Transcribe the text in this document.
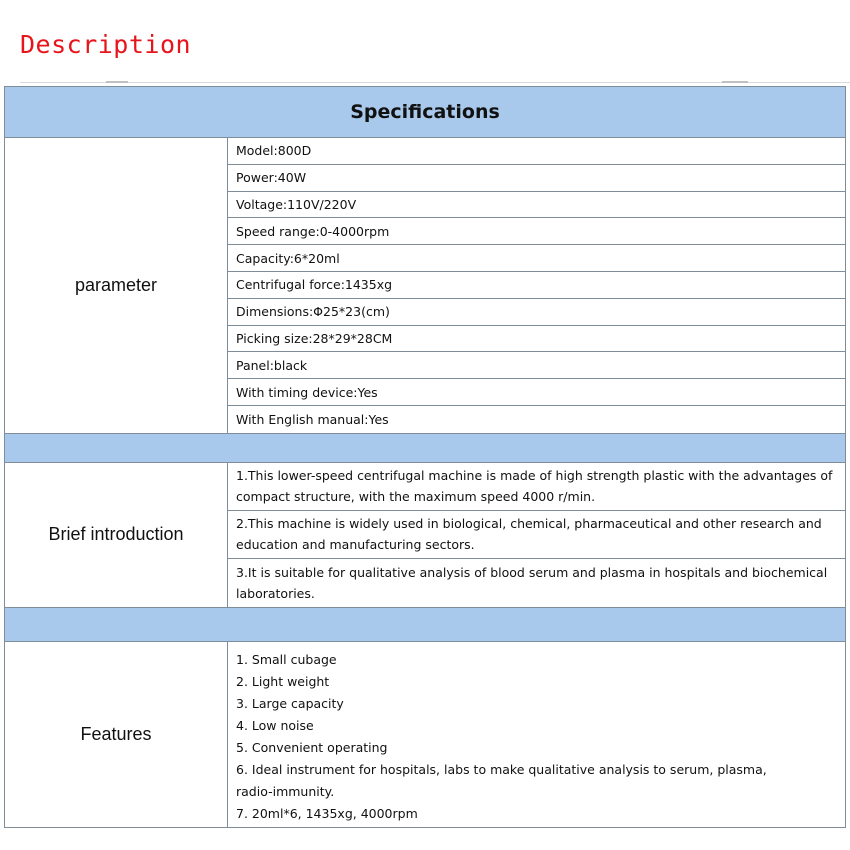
Description
Specifications
parameter
Model:800D
Power:40W
Voltage:110V/220V
Speed range:0-4000rpm
Capacity:6*20ml
Centrifugal force:1435xg
Dimensions:Φ25*23(cm)
Picking size:28*29*28CM
Panel:black
With timing device:Yes
With English manual:Yes
Brief introduction
1.This lower-speed centrifugal machine is made of high strength plastic with the advantages of compact structure, with the maximum speed 4000 r/min.
2.This machine is widely used in biological, chemical, pharmaceutical and other research and education and manufacturing sectors.
3.It is suitable for qualitative analysis of blood serum and plasma in hospitals and biochemical laboratories.
Features
1. Small cubage
2. Light weight
3. Large capacity
4. Low noise
5. Convenient operating
6. Ideal instrument for hospitals, labs to make qualitative analysis to serum, plasma,
radio-immunity.
7. 20ml*6, 1435xg, 4000rpm
